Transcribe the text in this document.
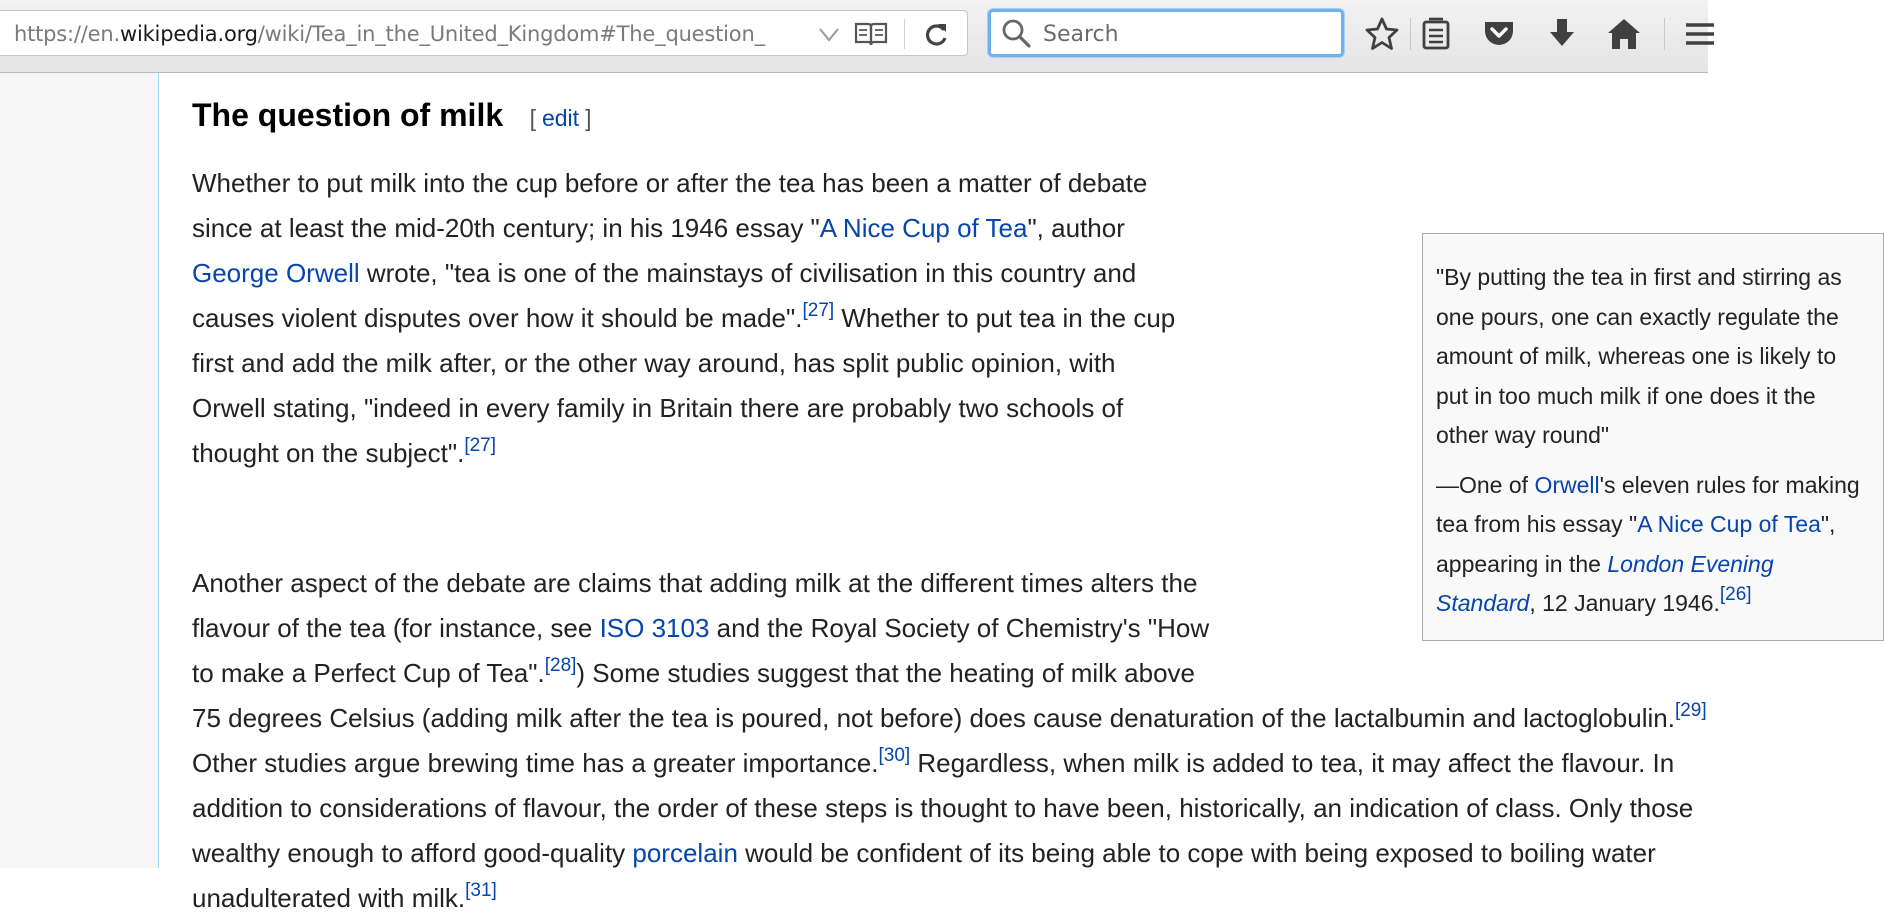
https://en.wikipedia.org/wiki/Tea_in_the_United_Kingdom#The_question_
Search
The question of milk [ edit ]
Whether to put milk into the cup before or after the tea has been a matter of debate since at least the mid-20th century; in his 1946 essay "A Nice Cup of Tea", author George Orwell wrote, "tea is one of the mainstays of civilisation in this country and causes violent disputes over how it should be made".[27] Whether to put tea in the cup first and add the milk after, or the other way around, has split public opinion, with Orwell stating, "indeed in every family in Britain there are probably two schools of thought on the subject".[27]
Another aspect of the debate are claims that adding milk at the different times alters the flavour of the tea (for instance, see ISO 3103 and the Royal Society of Chemistry's "How to make a Perfect Cup of Tea".[28]) Some studies suggest that the heating of milk above 75 degrees Celsius (adding milk after the tea is poured, not before) does cause denaturation of the lactalbumin and lactoglobulin.[29] Other studies argue brewing time has a greater importance.[30] Regardless, when milk is added to tea, it may affect the flavour. In addition to considerations of flavour, the order of these steps is thought to have been, historically, an indication of class. Only those wealthy enough to afford good-quality porcelain would be confident of its being able to cope with being exposed to boiling water unadulterated with milk.[31]

"By putting the tea in first and stirring as one pours, one can exactly regulate the amount of milk, whereas one is likely to put in too much milk if one does it the other way round"

—One of Orwell's eleven rules for making tea from his essay "A Nice Cup of Tea", appearing in the London Evening Standard, 12 January 1946.[26]
